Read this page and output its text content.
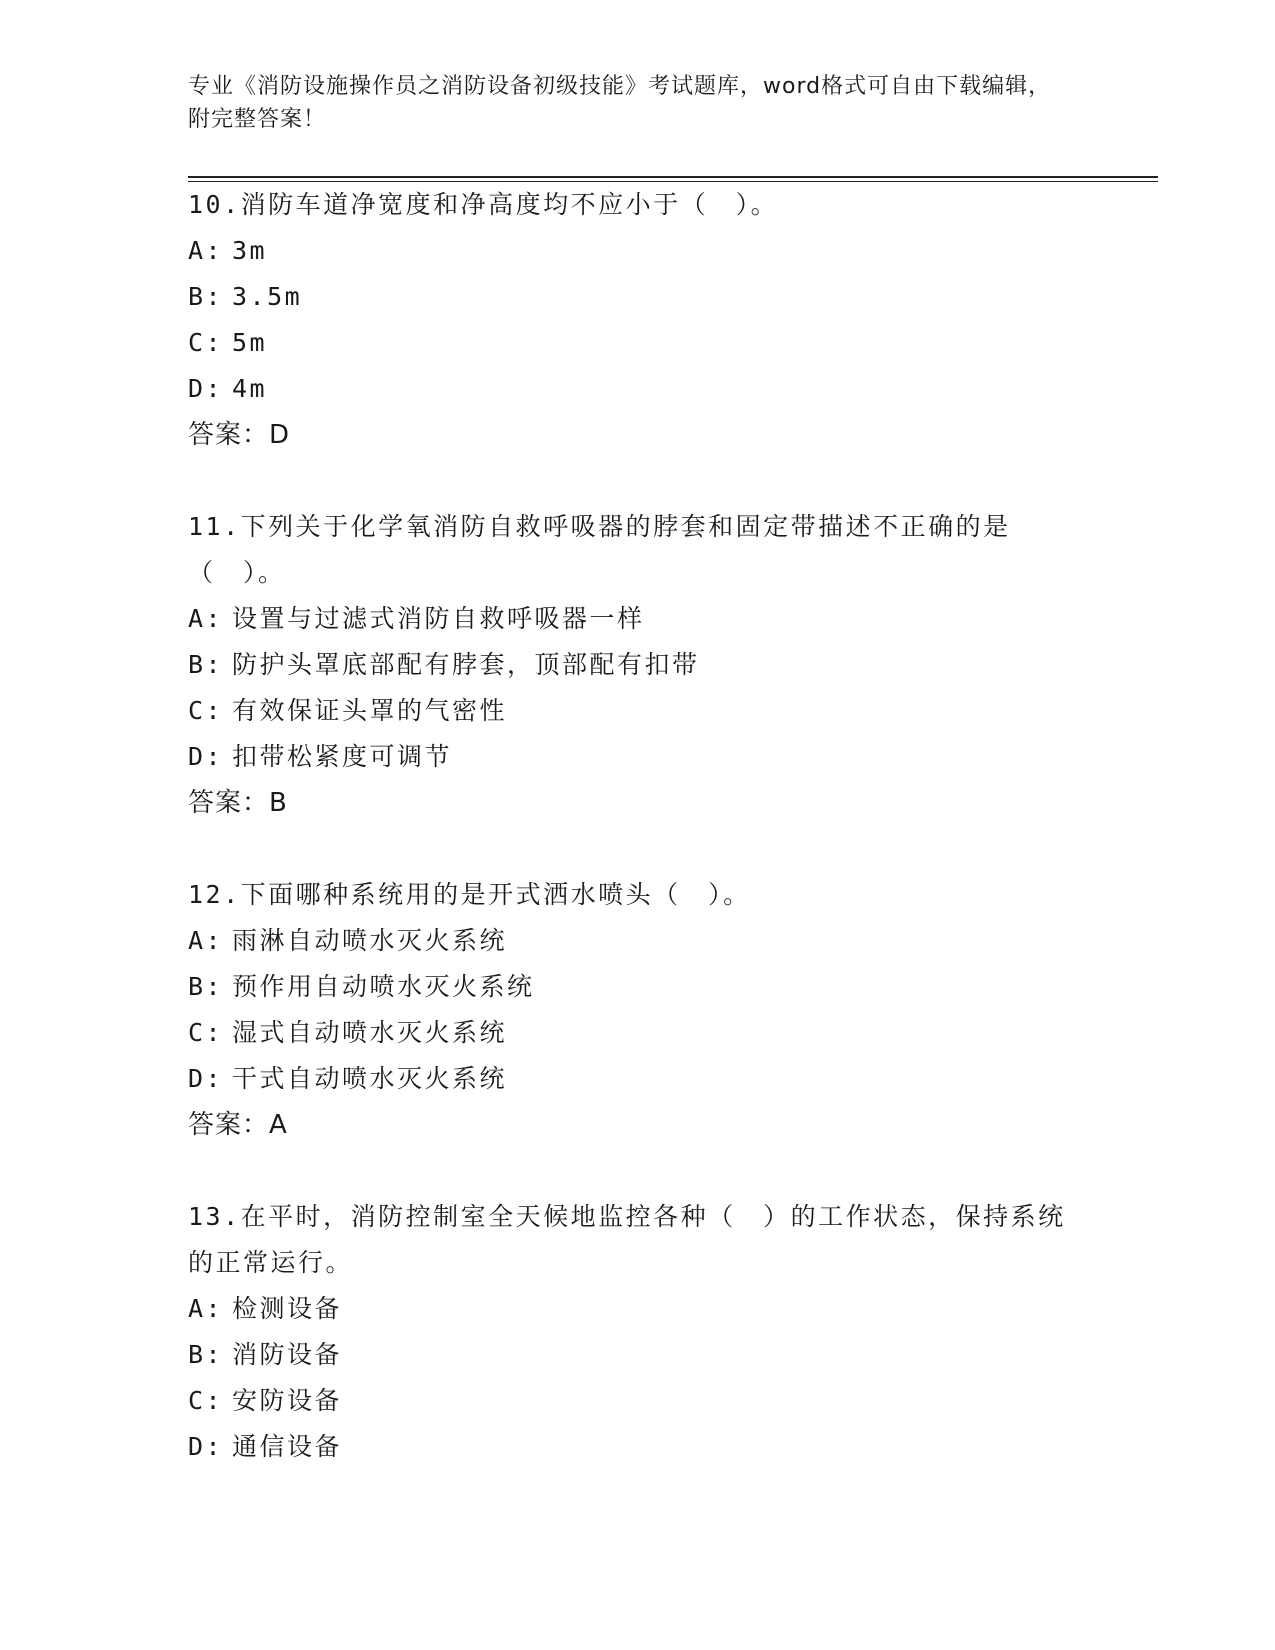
专业《消防设施操作员之消防设备初级技能》考试题库，word格式可自由下载编辑，附完整答案！
10.消防车道净宽度和净高度均不应小于（　）。
A: 3m
B: 3.5m
C: 5m
D: 4m
答案：D
11.下列关于化学氧消防自救呼吸器的脖套和固定带描述不正确的是（　）。
A: 设置与过滤式消防自救呼吸器一样
B: 防护头罩底部配有脖套，顶部配有扣带
C: 有效保证头罩的气密性
D: 扣带松紧度可调节
答案：B
12.下面哪种系统用的是开式洒水喷头（　）。
A: 雨淋自动喷水灭火系统
B: 预作用自动喷水灭火系统
C: 湿式自动喷水灭火系统
D: 干式自动喷水灭火系统
答案：A
13.在平时，消防控制室全天候地监控各种（　）的工作状态，保持系统的正常运行。
A: 检测设备
B: 消防设备
C: 安防设备
D: 通信设备
